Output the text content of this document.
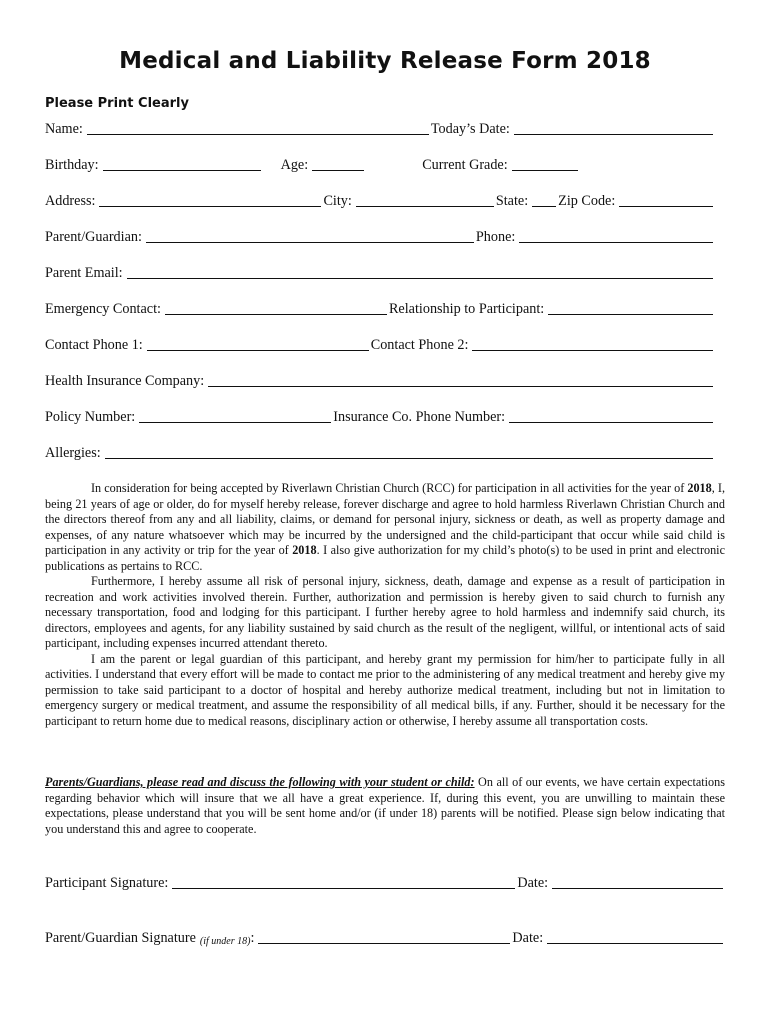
Medical and Liability Release Form 2018
Please Print Clearly
Name:	Today’s Date:
Birthday:	Age:	Current Grade:
Address:	City:	State: Zip Code:
Parent/Guardian:	Phone:
Parent Email:
Emergency Contact:	Relationship to Participant:
Contact Phone 1:	Contact Phone 2:
Health Insurance Company:
Policy Number:	Insurance Co. Phone Number:
Allergies:

In consideration for being accepted by Riverlawn Christian Church (RCC) for participation in all activities for the year of 2018, I, being 21 years of age or older, do for myself hereby release, forever discharge and agree to hold harmless Riverlawn Christian Church and the directors thereof from any and all liability, claims, or demand for personal injury, sickness or death, as well as property damage and expenses, of any nature whatsoever which may be incurred by the undersigned and the child-participant that occur while said child is participation in any activity or trip for the year of 2018. I also give authorization for my child’s photo(s) to be used in print and electronic publications as pertains to RCC.

Furthermore, I hereby assume all risk of personal injury, sickness, death, damage and expense as a result of participation in recreation and work activities involved therein. Further, authorization and permission is hereby given to said church to furnish any necessary transportation, food and lodging for this participant. I further hereby agree to hold harmless and indemnify said church, its directors, employees and agents, for any liability sustained by said church as the result of the negligent, willful, or intentional acts of said participant, including expenses incurred attendant thereto.

I am the parent or legal guardian of this participant, and hereby grant my permission for him/her to participate fully in all activities. I understand that every effort will be made to contact me prior to the administering of any medical treatment and hereby give my permission to take said participant to a doctor of hospital and hereby authorize medical treatment, including but not in limitation to emergency surgery or medical treatment, and assume the responsibility of all medical bills, if any. Further, should it be necessary for the participant to return home due to medical reasons, disciplinary action or otherwise, I hereby assume all transportation costs.

Parents/Guardians, please read and discuss the following with your student or child: On all of our events, we have certain expectations regarding behavior which will insure that we all have a great experience. If, during this event, you are unwilling to maintain these expectations, please understand that you will be sent home and/or (if under 18) parents will be notified. Please sign below indicating that you understand this and agree to cooperate.

Participant Signature:	Date:
Parent/Guardian Signature (if under 18) :	Date:
